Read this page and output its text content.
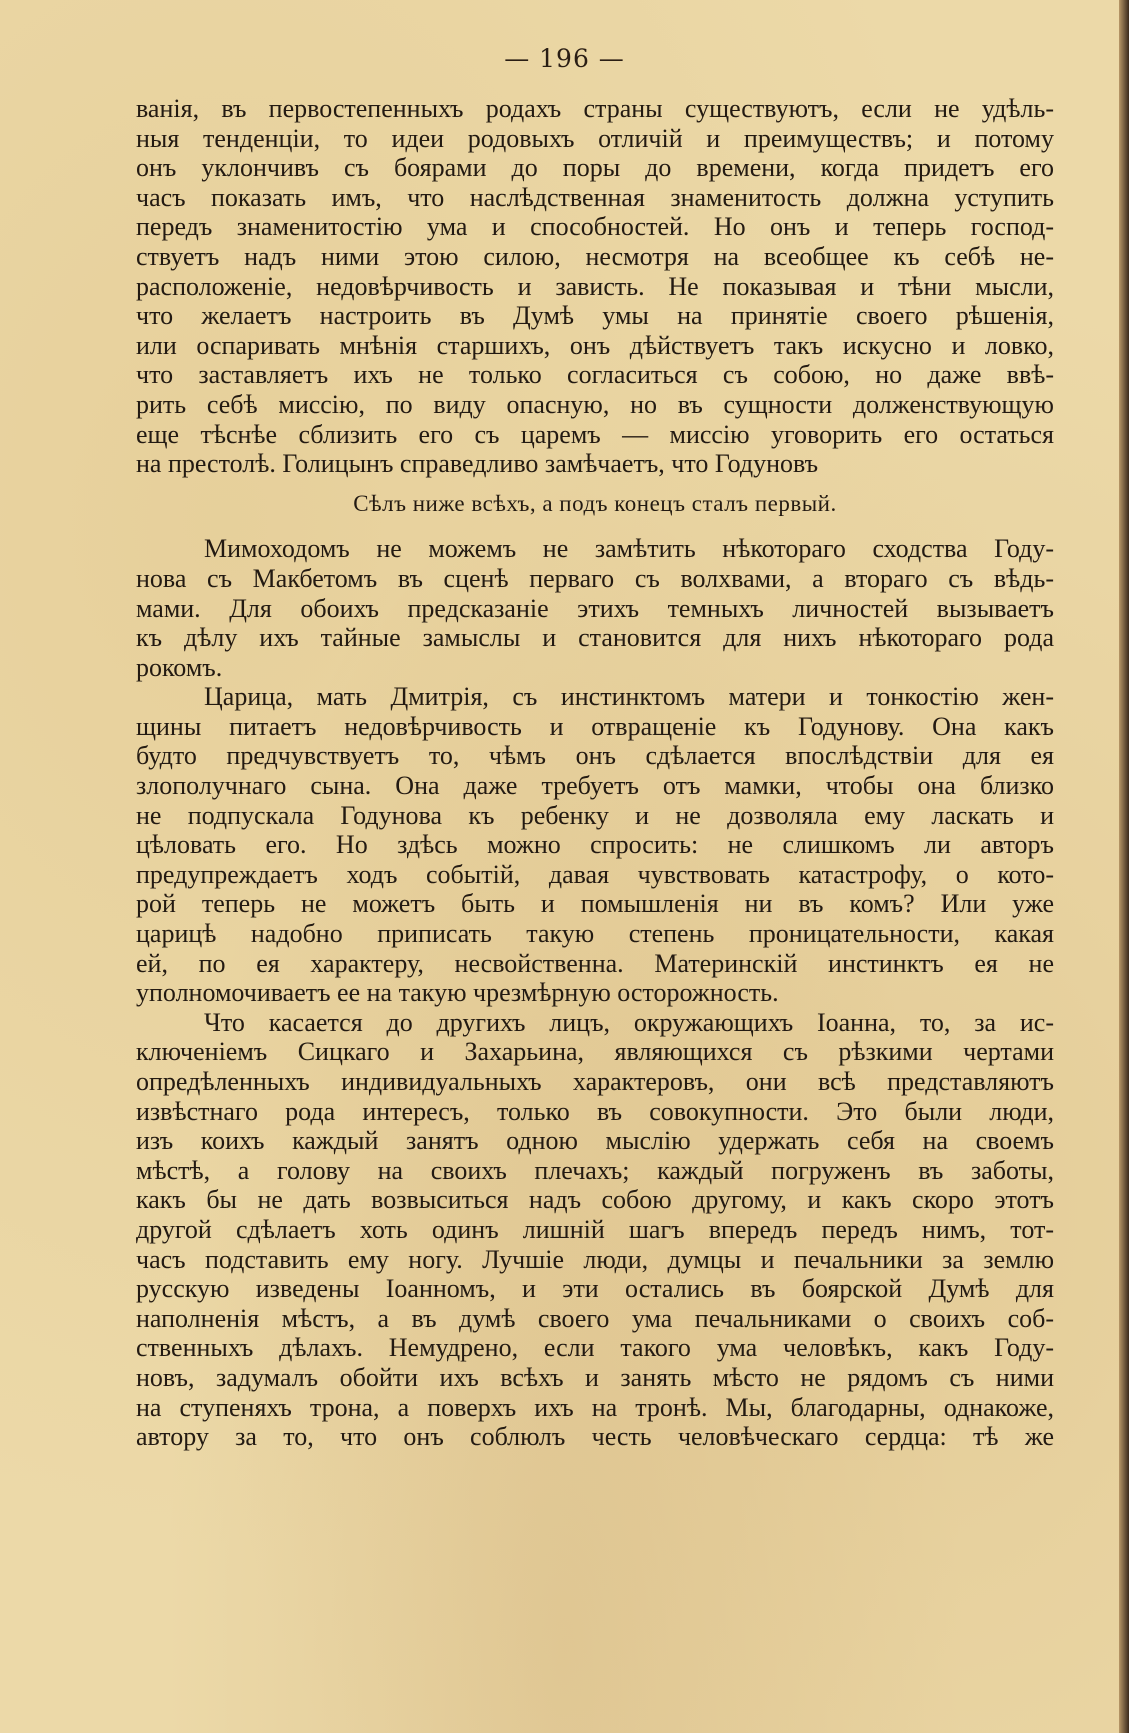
— 196 —
ванія, въ первостепенныхъ родахъ страны существуютъ, если не удѣль-
ныя тенденціи, то идеи родовыхъ отличій и преимуществъ; и потому
онъ уклончивъ съ боярами до поры до времени, когда придетъ его
часъ показать имъ, что наслѣдственная знаменитость должна уступить
передъ знаменитостію ума и способностей. Но онъ и теперь господ-
ствуетъ надъ ними этою силою, несмотря на всеобщее къ себѣ не-
расположеніе, недовѣрчивость и зависть. Не показывая и тѣни мысли,
что желаетъ настроить въ Думѣ умы на принятіе своего рѣшенія,
или оспаривать мнѣнія старшихъ, онъ дѣйствуетъ такъ искусно и ловко,
что заставляетъ ихъ не только согласиться съ собою, но даже ввѣ-
рить себѣ миссію, по виду опасную, но въ сущности долженствующую
еще тѣснѣе сблизить его съ царемъ — миссію уговорить его остаться
на престолѣ. Голицынъ справедливо замѣчаетъ, что Годуновъ
Сѣлъ ниже всѣхъ, а подъ конецъ сталъ первый.
Мимоходомъ не можемъ не замѣтить нѣкотораго сходства Году-
нова съ Макбетомъ въ сценѣ перваго съ волхвами, а втораго съ вѣдь-
мами. Для обоихъ предсказаніе этихъ темныхъ личностей вызываетъ
къ дѣлу ихъ тайные замыслы и становится для нихъ нѣкотораго рода
рокомъ.
Царица, мать Дмитрія, съ инстинктомъ матери и тонкостію жен-
щины питаетъ недовѣрчивость и отвращеніе къ Годунову. Она какъ
будто предчувствуетъ то, чѣмъ онъ сдѣлается впослѣдствіи для ея
злополучнаго сына. Она даже требуетъ отъ мамки, чтобы она близко
не подпускала Годунова къ ребенку и не дозволяла ему ласкать и
цѣловать его. Но здѣсь можно спросить: не слишкомъ ли авторъ
предупреждаетъ ходъ событій, давая чувствовать катастрофу, о кото-
рой теперь не можетъ быть и помышленія ни въ комъ? Или уже
царицѣ надобно приписать такую степень проницательности, какая
ей, по ея характеру, несвойственна. Материнскій инстинктъ ея не
уполномочиваетъ ее на такую чрезмѣрную осторожность.
Что касается до другихъ лицъ, окружающихъ Іоанна, то, за ис-
ключеніемъ Сицкаго и Захарьина, являющихся съ рѣзкими чертами
опредѣленныхъ индивидуальныхъ характеровъ, они всѣ представляютъ
извѣстнаго рода интересъ, только въ совокупности. Это были люди,
изъ коихъ каждый занятъ одною мыслію удержать себя на своемъ
мѣстѣ, а голову на своихъ плечахъ; каждый погруженъ въ заботы,
какъ бы не дать возвыситься надъ собою другому, и какъ скоро этотъ
другой сдѣлаетъ хоть одинъ лишній шагъ впередъ передъ нимъ, тот-
часъ подставить ему ногу. Лучшіе люди, думцы и печальники за землю
русскую изведены Іоанномъ, и эти остались въ боярской Думѣ для
наполненія мѣстъ, а въ думѣ своего ума печальниками о своихъ соб-
ственныхъ дѣлахъ. Немудрено, если такого ума человѣкъ, какъ Году-
новъ, задумалъ обойти ихъ всѣхъ и занять мѣсто не рядомъ съ ними
на ступеняхъ трона, а поверхъ ихъ на тронѣ. Мы, благодарны, однакоже,
автору за то, что онъ соблюлъ честь человѣческаго сердца: тѣ же
